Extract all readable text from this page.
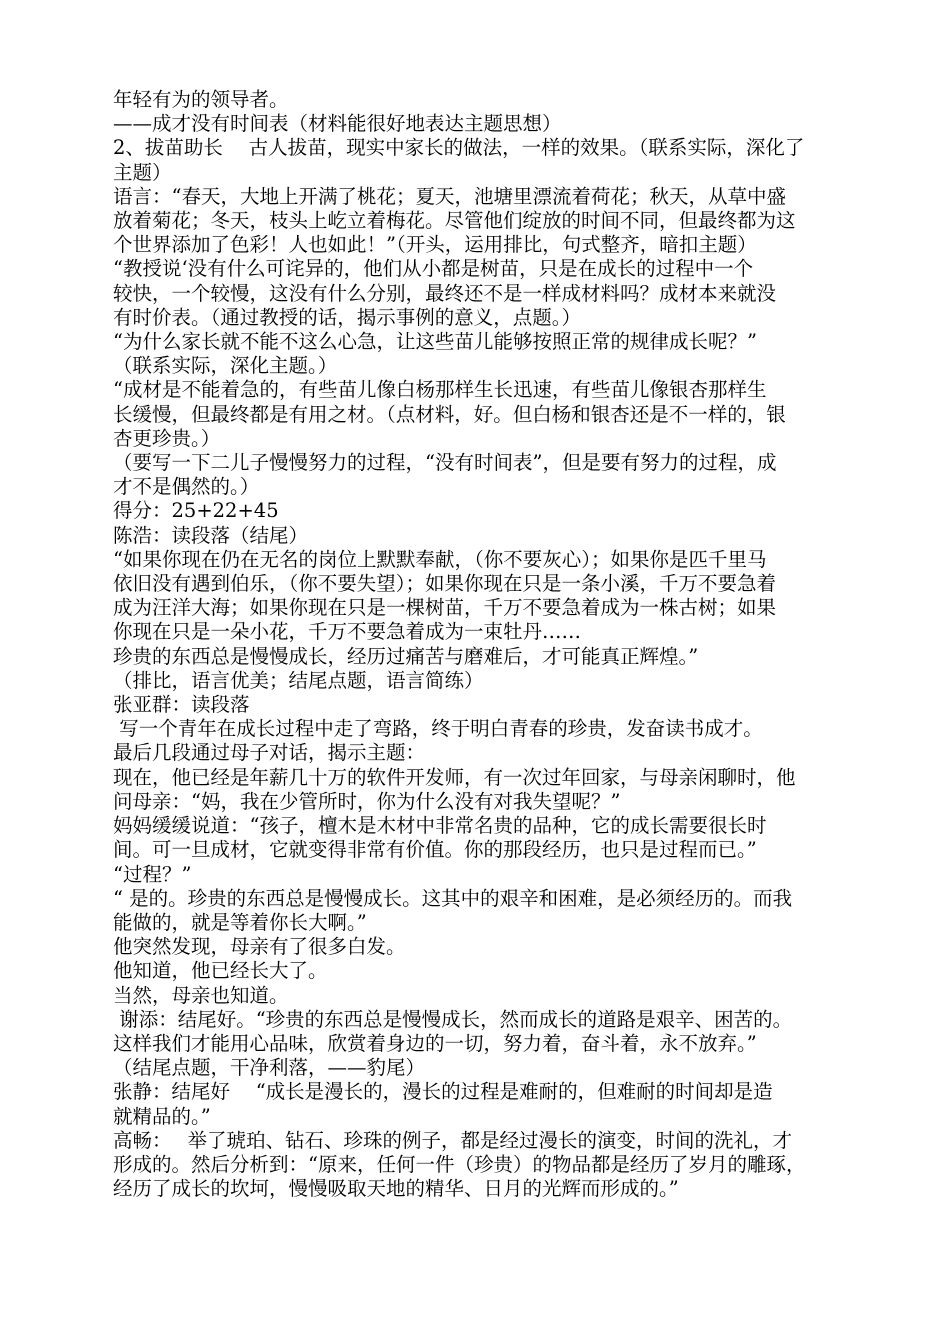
年轻有为的领导者。
——成才没有时间表（材料能很好地表达主题思想）
2、拔苗助长　 古人拔苗，现实中家长的做法，一样的效果。（联系实际，深化了
主题）
语言：“春天，大地上开满了桃花；夏天，池塘里漂流着荷花；秋天，从草中盛
放着菊花；冬天，枝头上屹立着梅花。尽管他们绽放的时间不同，但最终都为这
个世界添加了色彩！人也如此！”（开头，运用排比，句式整齐，暗扣主题）
“教授说‘没有什么可诧异的，他们从小都是树苗，只是在成长的过程中一个
较快，一个较慢，这没有什么分别，最终还不是一样成材料吗？成材本来就没
有时价表。（通过教授的话，揭示事例的意义，点题。）
“为什么家长就不能不这么心急，让这些苗儿能够按照正常的规律成长呢？”
（联系实际，深化主题。）
“成材是不能着急的，有些苗儿像白杨那样生长迅速，有些苗儿像银杏那样生
长缓慢，但最终都是有用之材。（点材料，好。但白杨和银杏还是不一样的，银
杏更珍贵。）
（要写一下二儿子慢慢努力的过程，“没有时间表”，但是要有努力的过程，成
才不是偶然的。）
得分：25+22+45
陈浩：读段落（结尾）
“如果你现在仍在无名的岗位上默默奉献，（你不要灰心）；如果你是匹千里马
依旧没有遇到伯乐，（你不要失望）；如果你现在只是一条小溪，千万不要急着
成为汪洋大海；如果你现在只是一棵树苗，千万不要急着成为一株古树；如果
你现在只是一朵小花，千万不要急着成为一束牡丹……
珍贵的东西总是慢慢成长，经历过痛苦与磨难后，才可能真正辉煌。”
（排比，语言优美；结尾点题，语言简练）
张亚群：读段落
写一个青年在成长过程中走了弯路，终于明白青春的珍贵，发奋读书成才。
最后几段通过母子对话，揭示主题：
现在，他已经是年薪几十万的软件开发师，有一次过年回家，与母亲闲聊时，他
问母亲：“妈，我在少管所时，你为什么没有对我失望呢？”
妈妈缓缓说道：“孩子，檀木是木材中非常名贵的品种，它的成长需要很长时
间。可一旦成材，它就变得非常有价值。你的那段经历，也只是过程而已。”
“过程？”
“ 是的。珍贵的东西总是慢慢成长。这其中的艰辛和困难，是必须经历的。而我
能做的，就是等着你长大啊。”
他突然发现，母亲有了很多白发。
他知道，他已经长大了。
当然，母亲也知道。
谢添：结尾好。“珍贵的东西总是慢慢成长，然而成长的道路是艰辛、困苦的。
这样我们才能用心品味，欣赏着身边的一切，努力着，奋斗着，永不放弃。”
（结尾点题，干净利落，——豹尾）
张静：结尾好　 “成长是漫长的，漫长的过程是难耐的，但难耐的时间却是造
就精品的。”
高畅：　 举了琥珀、钻石、珍珠的例子，都是经过漫长的演变，时间的洗礼，才
形成的。然后分析到：“原来，任何一件（珍贵）的物品都是经历了岁月的雕琢，
经历了成长的坎坷，慢慢吸取天地的精华、日月的光辉而形成的。”
